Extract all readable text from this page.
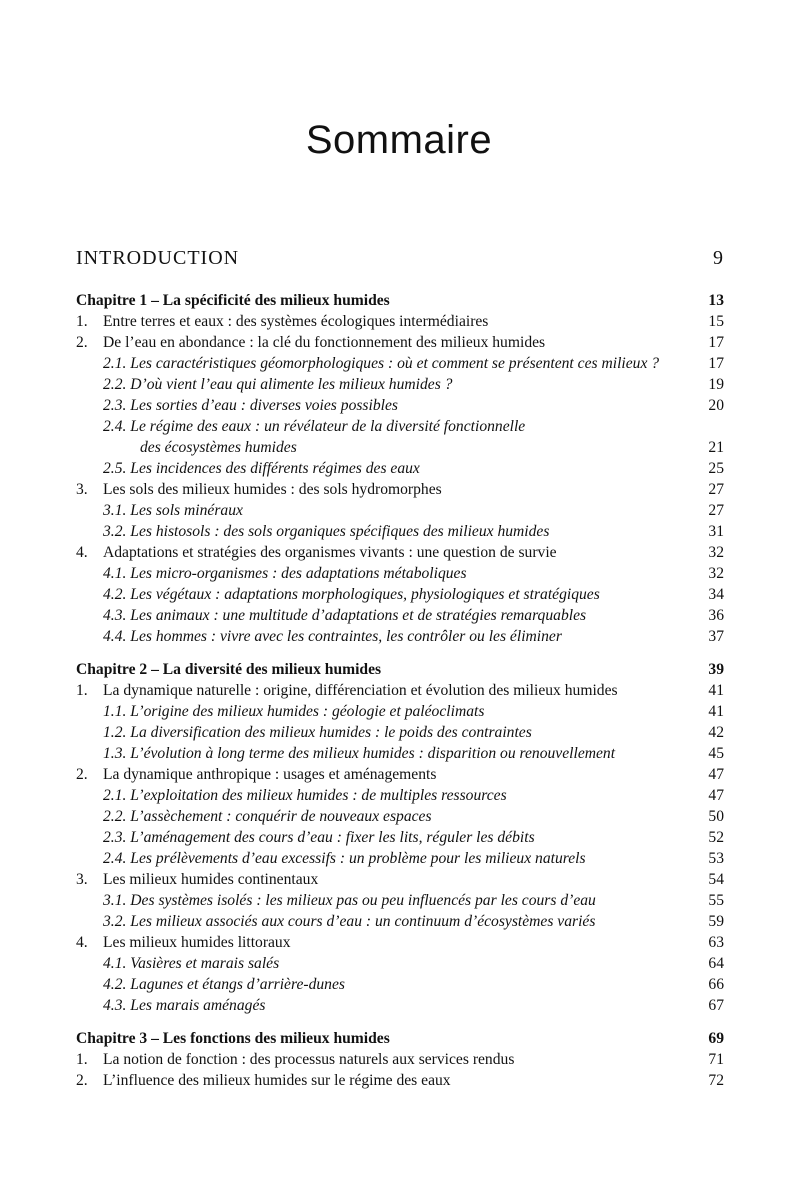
Sommaire
INTRODUCTION	9
Chapitre 1 – La spécificité des milieux humides	13
1. Entre terres et eaux : des systèmes écologiques intermédiaires	15
2. De l’eau en abondance : la clé du fonctionnement des milieux humides	17
2.1. Les caractéristiques géomorphologiques : où et comment se présentent ces milieux ?	17
2.2. D’où vient l’eau qui alimente les milieux humides ?	19
2.3. Les sorties d’eau : diverses voies possibles	20
2.4. Le régime des eaux : un révélateur de la diversité fonctionnelle
des écosystèmes humides	21
2.5. Les incidences des différents régimes des eaux	25
3. Les sols des milieux humides : des sols hydromorphes	27
3.1. Les sols minéraux	27
3.2. Les histosols : des sols organiques spécifiques des milieux humides	31
4. Adaptations et stratégies des organismes vivants : une question de survie	32
4.1. Les micro-organismes : des adaptations métaboliques	32
4.2. Les végétaux : adaptations morphologiques, physiologiques et stratégiques	34
4.3. Les animaux : une multitude d’adaptations et de stratégies remarquables	36
4.4. Les hommes : vivre avec les contraintes, les contrôler ou les éliminer	37
Chapitre 2 – La diversité des milieux humides	39
1. La dynamique naturelle : origine, différenciation et évolution des milieux humides	41
1.1. L’origine des milieux humides : géologie et paléoclimats	41
1.2. La diversification des milieux humides : le poids des contraintes	42
1.3. L’évolution à long terme des milieux humides : disparition ou renouvellement	45
2. La dynamique anthropique : usages et aménagements	47
2.1. L’exploitation des milieux humides : de multiples ressources	47
2.2. L’assèchement : conquérir de nouveaux espaces	50
2.3. L’aménagement des cours d’eau : fixer les lits, réguler les débits	52
2.4. Les prélèvements d’eau excessifs : un problème pour les milieux naturels	53
3. Les milieux humides continentaux	54
3.1. Des systèmes isolés : les milieux pas ou peu influencés par les cours d’eau	55
3.2. Les milieux associés aux cours d’eau : un continuum d’écosystèmes variés	59
4. Les milieux humides littoraux	63
4.1. Vasières et marais salés	64
4.2. Lagunes et étangs d’arrière-dunes	66
4.3. Les marais aménagés	67
Chapitre 3 – Les fonctions des milieux humides	69
1. La notion de fonction : des processus naturels aux services rendus	71
2. L’influence des milieux humides sur le régime des eaux	72
